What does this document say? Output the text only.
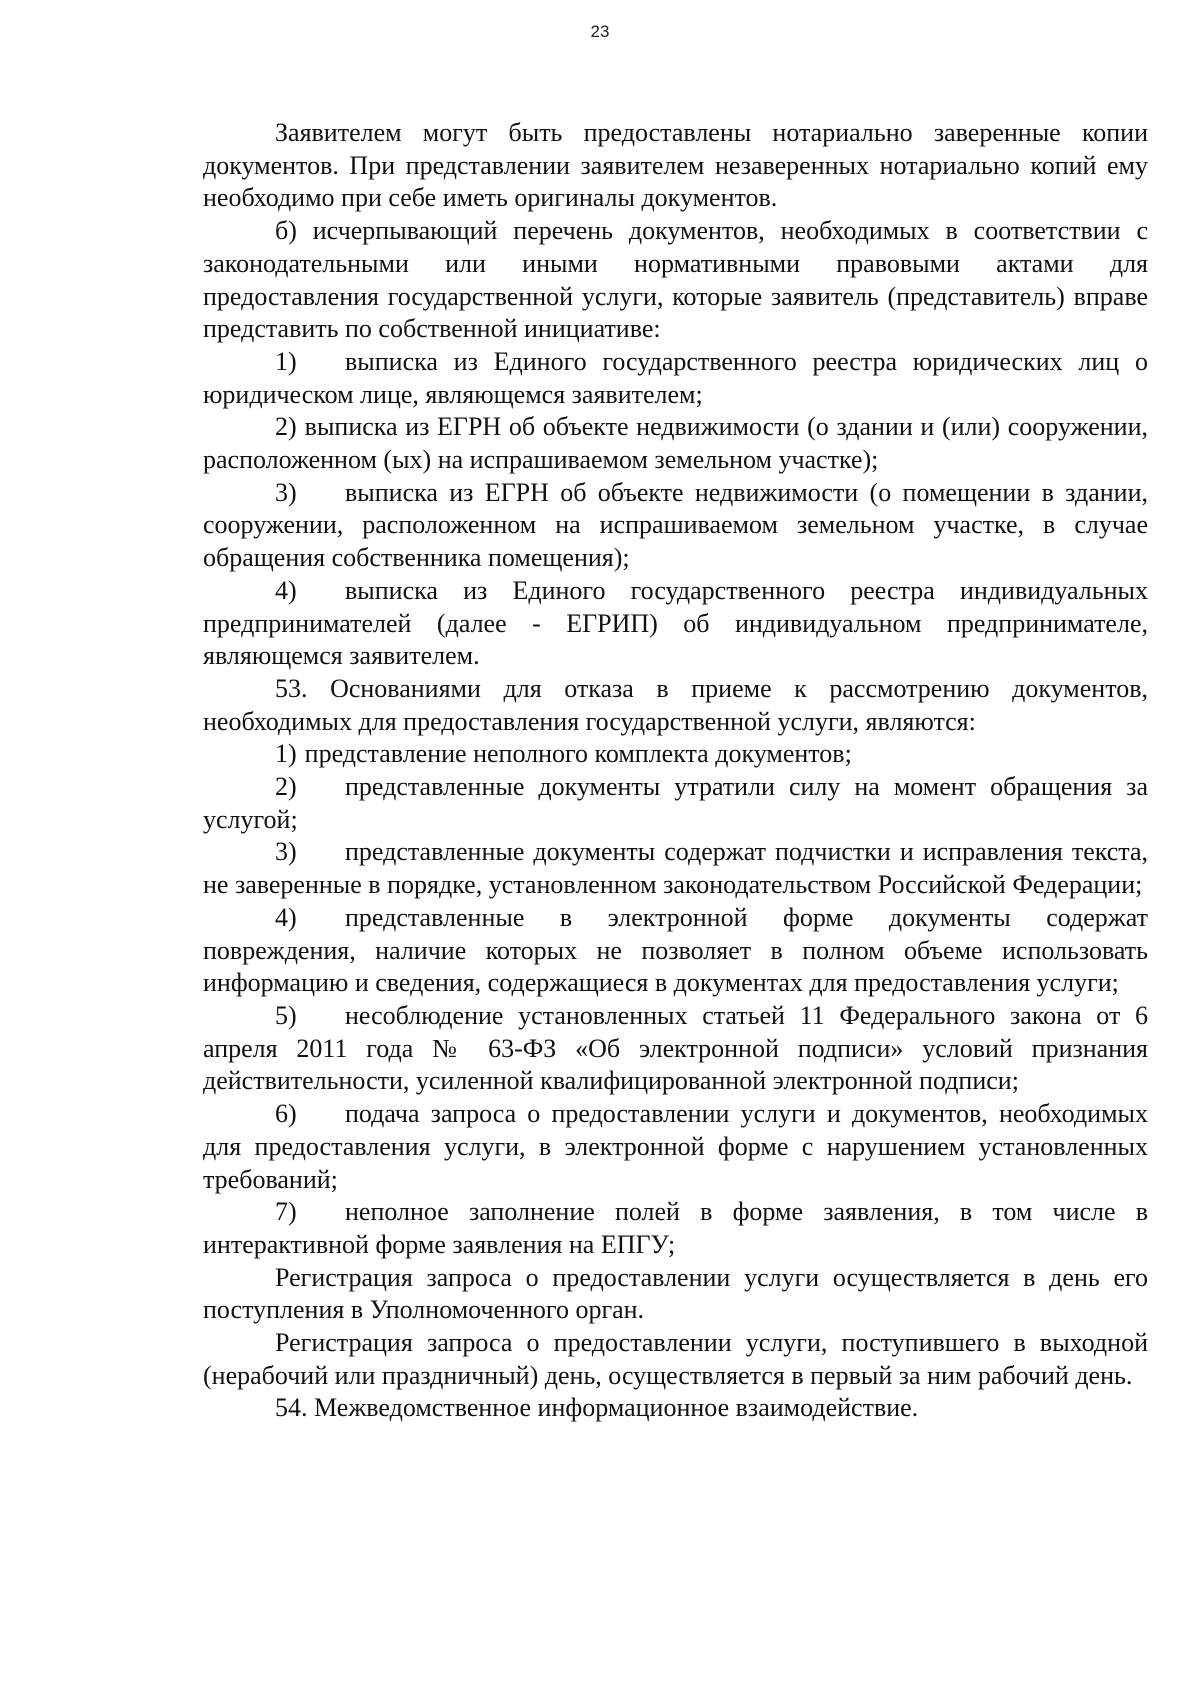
23

Заявителем могут быть предоставлены нотариально заверенные копии документов. При представлении заявителем незаверенных нотариально копий ему необходимо при себе иметь оригиналы документов.

б) исчерпывающий перечень документов, необходимых в соответствии с законодательными или иными нормативными правовыми актами для предоставления государственной услуги, которые заявитель (представитель) вправе представить по собственной инициативе:

1) выписка из Единого государственного реестра юридических лиц о юридическом лице, являющемся заявителем;

2) выписка из ЕГРН об объекте недвижимости (о здании и (или) сооружении, расположенном (ых) на испрашиваемом земельном участке);

3) выписка из ЕГРН об объекте недвижимости (о помещении в здании, сооружении, расположенном на испрашиваемом земельном участке, в случае обращения собственника помещения);

4) выписка из Единого государственного реестра индивидуальных предпринимателей (далее - ЕГРИП) об индивидуальном предпринимателе, являющемся заявителем.

53. Основаниями для отказа в приеме к рассмотрению документов, необходимых для предоставления государственной услуги, являются:

1) представление неполного комплекта документов;

2) представленные документы утратили силу на момент обращения за услугой;

3) представленные документы содержат подчистки и исправления текста, не заверенные в порядке, установленном законодательством Российской Федерации;

4) представленные в электронной форме документы содержат повреждения, наличие которых не позволяет в полном объеме использовать информацию и сведения, содержащиеся в документах для предоставления услуги;

5) несоблюдение установленных статьей 11 Федерального закона от 6 апреля 2011 года № 63-ФЗ «Об электронной подписи» условий признания действительности, усиленной квалифицированной электронной подписи;

6) подача запроса о предоставлении услуги и документов, необходимых для предоставления услуги, в электронной форме с нарушением установленных требований;

7) неполное заполнение полей в форме заявления, в том числе в интерактивной форме заявления на ЕПГУ;

Регистрация запроса о предоставлении услуги осуществляется в день его поступления в Уполномоченного орган.

Регистрация запроса о предоставлении услуги, поступившего в выходной (нерабочий или праздничный) день, осуществляется в первый за ним рабочий день.

54. Межведомственное информационное взаимодействие.
